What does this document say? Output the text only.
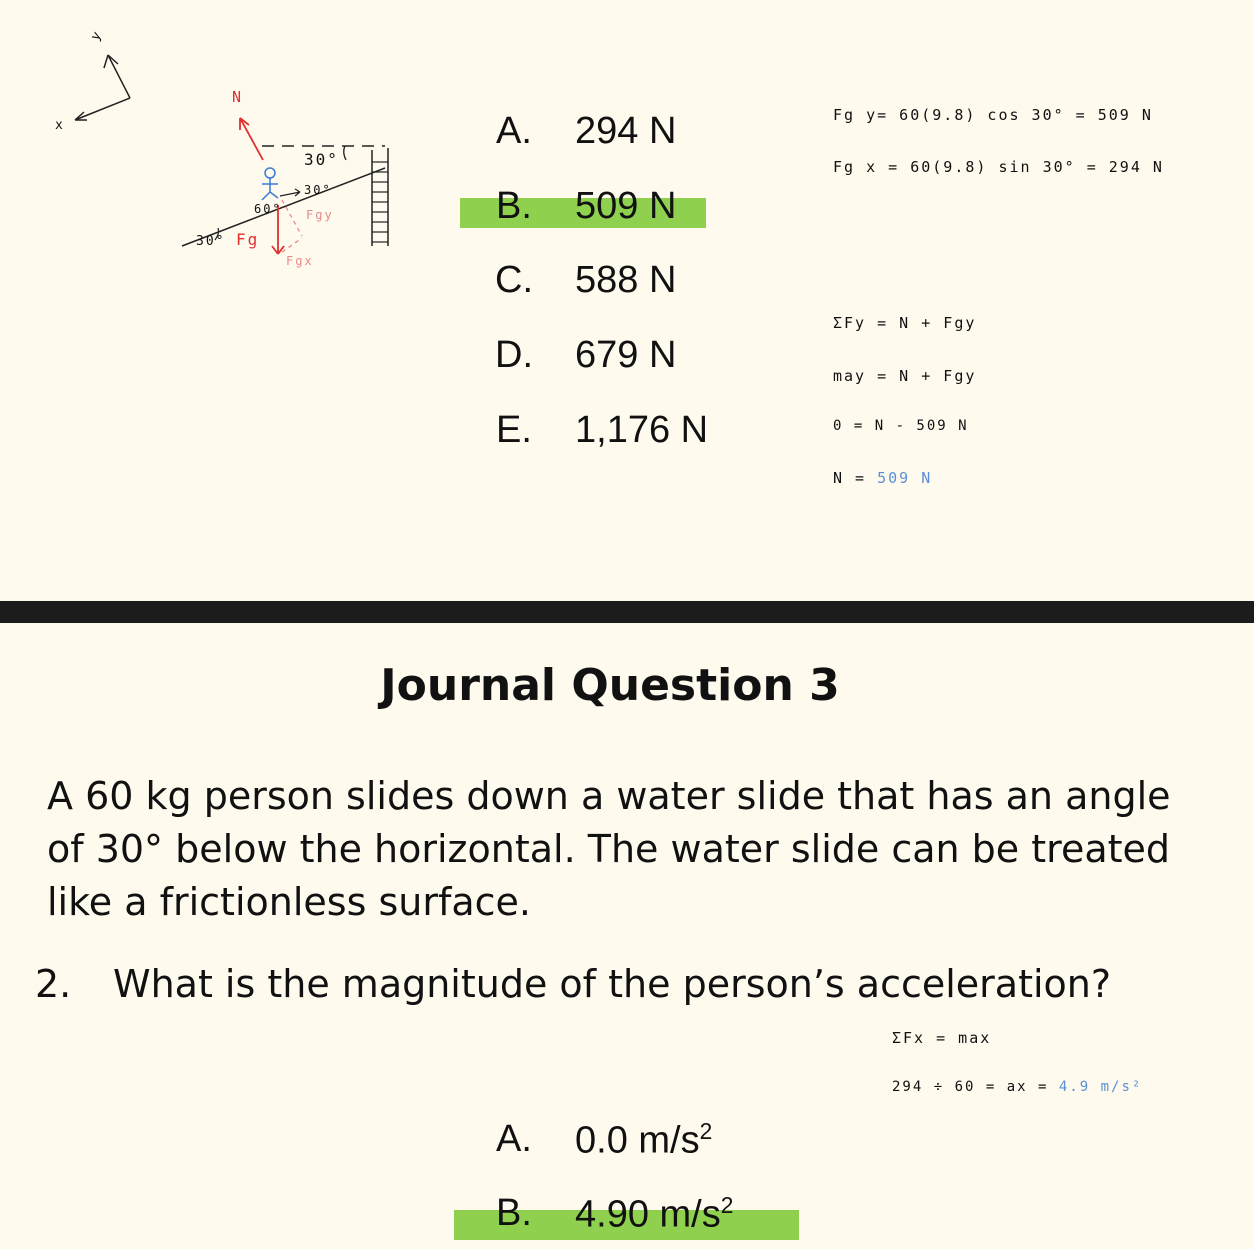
y
x
N
30°
30°
60°
30° Fg
Fgy
Fgx
A.	294 N
B.	509 N
C. 588 N
D. 679 N
E.	1,176 N
Fg y= 60(9.8) cos 30° = 509 N
Fg x = 60(9.8) sin 30° = 294 N
ΣFy = N + Fgy
may = N + Fgy
0 = N - 509 N
N = 509 N
Journal Question 3
A 60 kg person slides down a water slide that has an angle of 30° below the horizontal. The water slide can be treated like a frictionless surface.
2. What is the magnitude of the person’s acceleration?
ΣFx = max
294 ÷ 60 = ax = 4.9 m/s²
A.	0.0 $m/s^2$
B.	4.90 $m/s^2$
